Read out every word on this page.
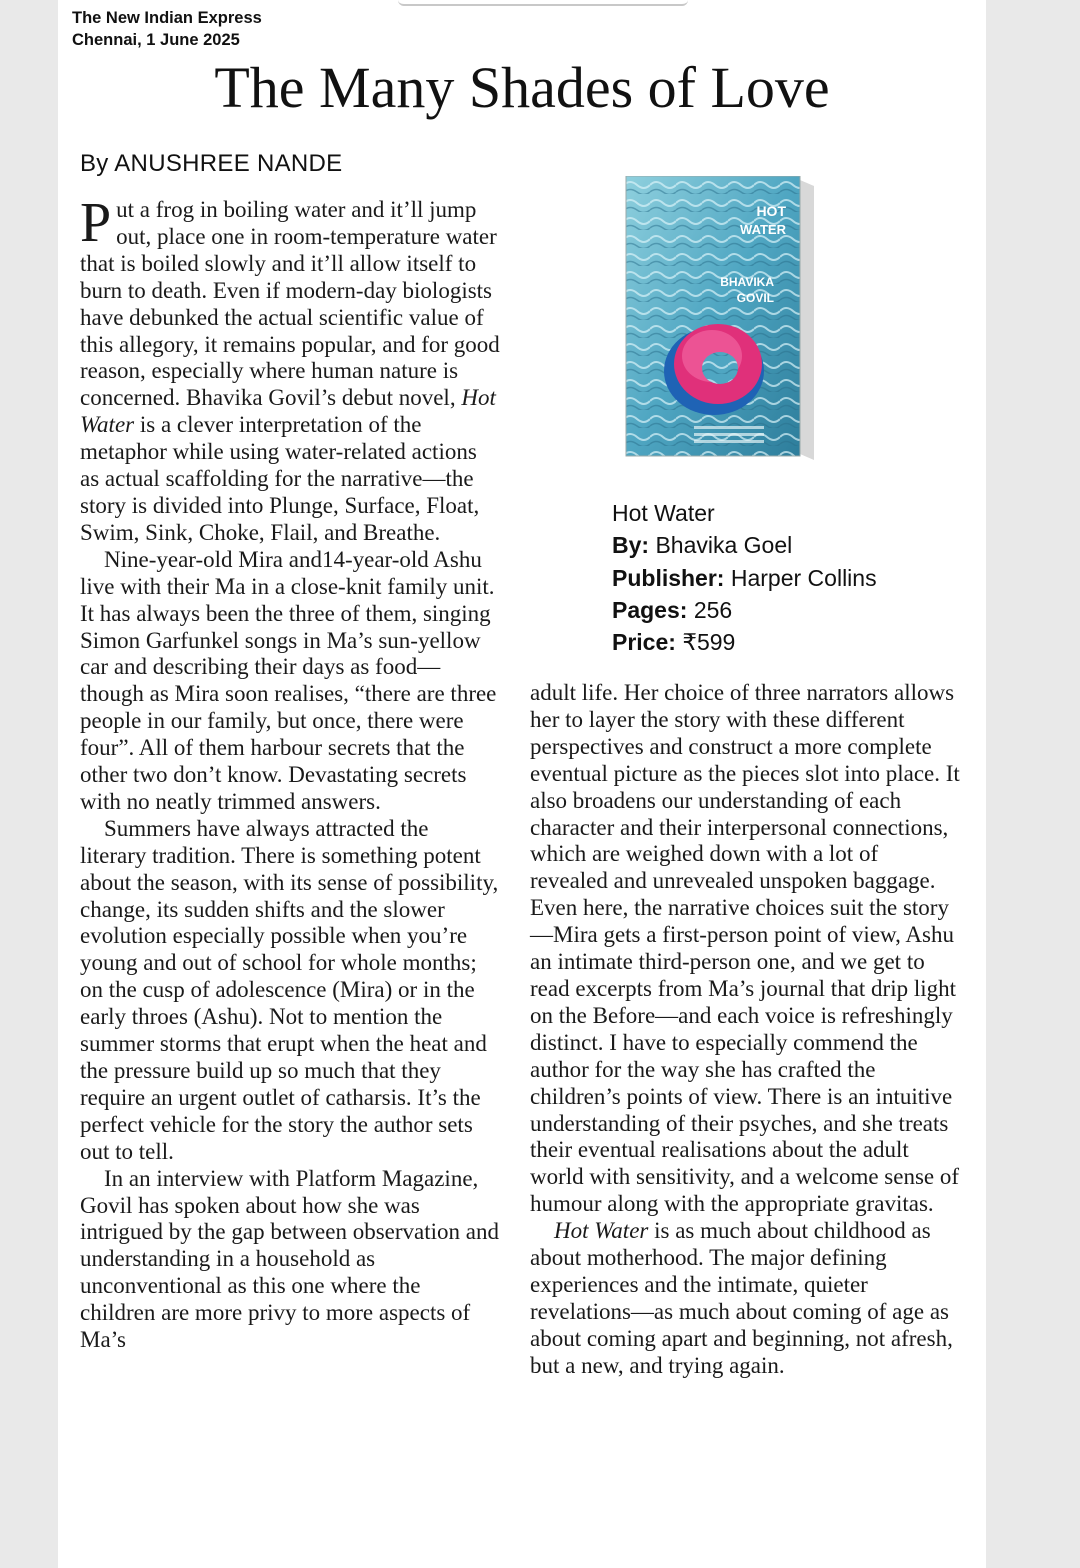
The New Indian Express
Chennai, 1 June 2025
The Many Shades of Love
By ANUSHREE NANDE

Put a frog in boiling water and it’ll jump out, place one in room-temperature water that is boiled slowly and it’ll allow itself to burn to death. Even if modern-day biologists have debunked the actual scientific value of this allegory, it remains popular, and for good reason, especially where human nature is concerned. Bhavika Govil’s debut novel, Hot Water is a clever interpretation of the metaphor while using water-related actions as actual scaffolding for the narrative—the story is divided into Plunge, Surface, Float, Swim, Sink, Choke, Flail, and Breathe.

Nine-year-old Mira and14-year-old Ashu live with their Ma in a close-knit family unit. It has always been the three of them, singing Simon Garfunkel songs in Ma’s sun-yellow car and describing their days as food—though as Mira soon realises, “there are three people in our family, but once, there were four”. All of them harbour secrets that the other two don’t know. Devastating secrets with no neatly trimmed answers.

Summers have always attracted the literary tradition. There is something potent about the season, with its sense of possibility, change, its sudden shifts and the slower evolution especially possible when you’re young and out of school for whole months; on the cusp of adolescence (Mira) or in the early throes (Ashu). Not to mention the summer storms that erupt when the heat and the pressure build up so much that they require an urgent outlet of catharsis. It’s the perfect vehicle for the story the author sets out to tell.

In an interview with Platform Magazine, Govil has spoken about how she was intrigued by the gap between observation and understanding in a household as unconventional as this one where the children are more privy to more aspects of Ma’s

HOT
WATER
BHAVIKA
GOVIL
Hot Water
By: Bhavika Goel
Publisher: Harper Collins
Pages: 256
Price: ₹599

adult life. Her choice of three narrators allows her to layer the story with these different perspectives and construct a more complete eventual picture as the pieces slot into place. It also broadens our understanding of each character and their interpersonal connections, which are weighed down with a lot of revealed and unrevealed unspoken baggage. Even here, the narrative choices suit the story—Mira gets a first-person point of view, Ashu an intimate third-person one, and we get to read excerpts from Ma’s journal that drip light on the Before—and each voice is refreshingly distinct. I have to especially commend the author for the way she has crafted the children’s points of view. There is an intuitive understanding of their psyches, and she treats their eventual realisations about the adult world with sensitivity, and a welcome sense of humour along with the appropriate gravitas.

Hot Water is as much about childhood as about motherhood. The major defining experiences and the intimate, quieter revelations—as much about coming of age as about coming apart and beginning, not afresh, but a new, and trying again.
